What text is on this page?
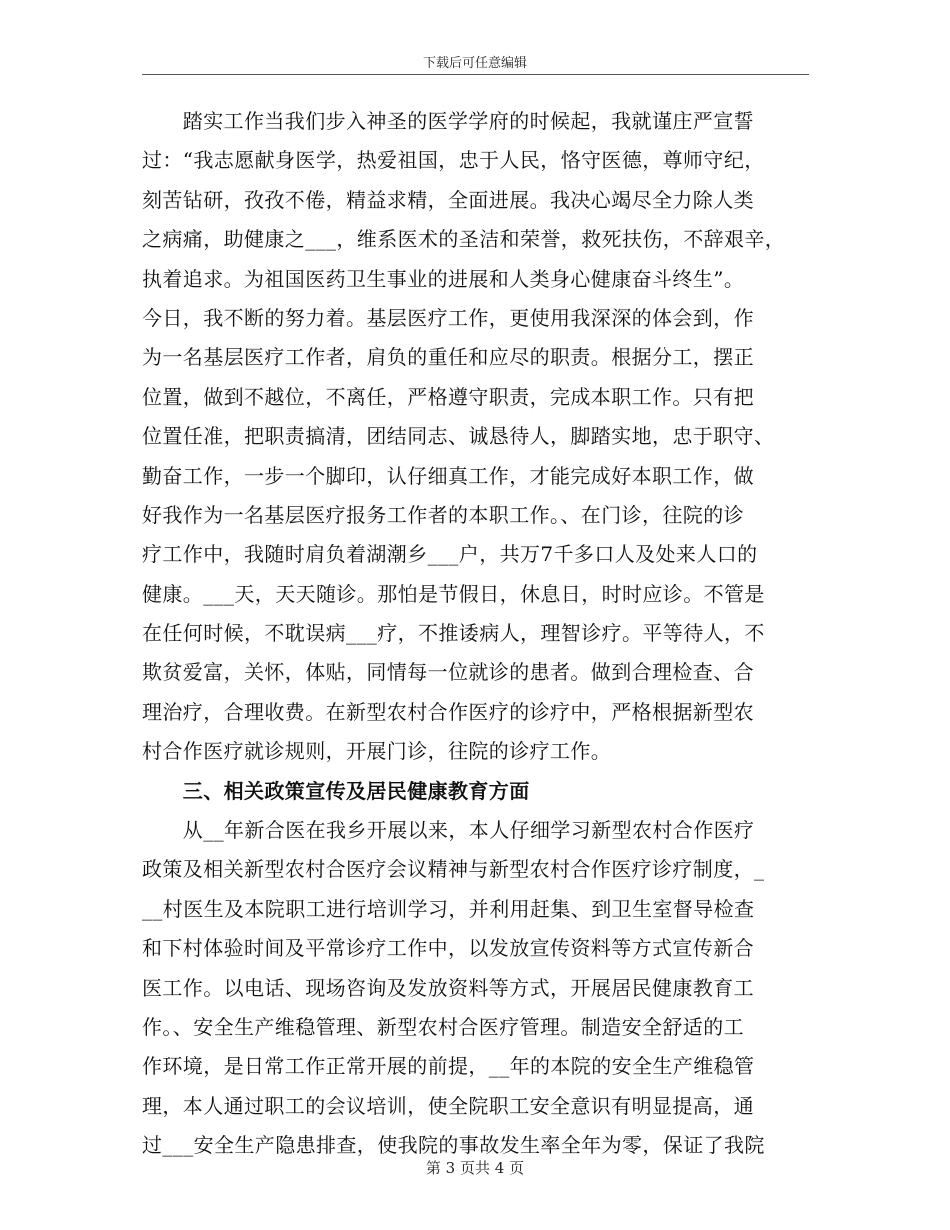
下载后可任意编辑
　　踏实工作当我们步入神圣的医学学府的时候起，我就谨庄严宣誓
过：“我志愿献身医学，热爱祖国，忠于人民，恪守医德，尊师守纪，
刻苦钻研，孜孜不倦，精益求精，全面进展。我决心竭尽全力除人类
之病痛，助健康之___，维系医术的圣洁和荣誉，救死扶伤，不辞艰辛，
执着追求。为祖国医药卫生事业的进展和人类身心健康奋斗终生”。
今日，我不断的努力着。基层医疗工作，更使用我深深的体会到，作
为一名基层医疗工作者，肩负的重任和应尽的职责。根据分工，摆正
位置，做到不越位，不离任，严格遵守职责，完成本职工作。只有把
位置任准，把职责搞清，团结同志、诚恳待人，脚踏实地，忠于职守、
勤奋工作，一步一个脚印，认仔细真工作，才能完成好本职工作，做
好我作为一名基层医疗报务工作者的本职工作。、在门诊，往院的诊
疗工作中，我随时肩负着湖潮乡___户，共万7千多口人及处来人口的
健康。___天，天天随诊。那怕是节假日，休息日，时时应诊。不管是
在任何时候，不耽误病___疗，不推诿病人，理智诊疗。平等待人，不
欺贫爱富，关怀，体贴，同情每一位就诊的患者。做到合理检查、合
理治疗，合理收费。在新型农村合作医疗的诊疗中，严格根据新型农
村合作医疗就诊规则，开展门诊，往院的诊疗工作。
　　三、相关政策宣传及居民健康教育方面
　　从__年新合医在我乡开展以来，本人仔细学习新型农村合作医疗
政策及相关新型农村合医疗会议精神与新型农村合作医疗诊疗制度，_
__村医生及本院职工进行培训学习，并利用赶集、到卫生室督导检查
和下村体验时间及平常诊疗工作中，以发放宣传资料等方式宣传新合
医工作。以电话、现场咨询及发放资料等方式，开展居民健康教育工
作。、安全生产维稳管理、新型农村合医疗管理。制造安全舒适的工
作环境，是日常工作正常开展的前提，__年的本院的安全生产维稳管
理，本人通过职工的会议培训，使全院职工安全意识有明显提高，通
过___安全生产隐患排查，使我院的事故发生率全年为零，保证了我院
第 3 页共 4 页
